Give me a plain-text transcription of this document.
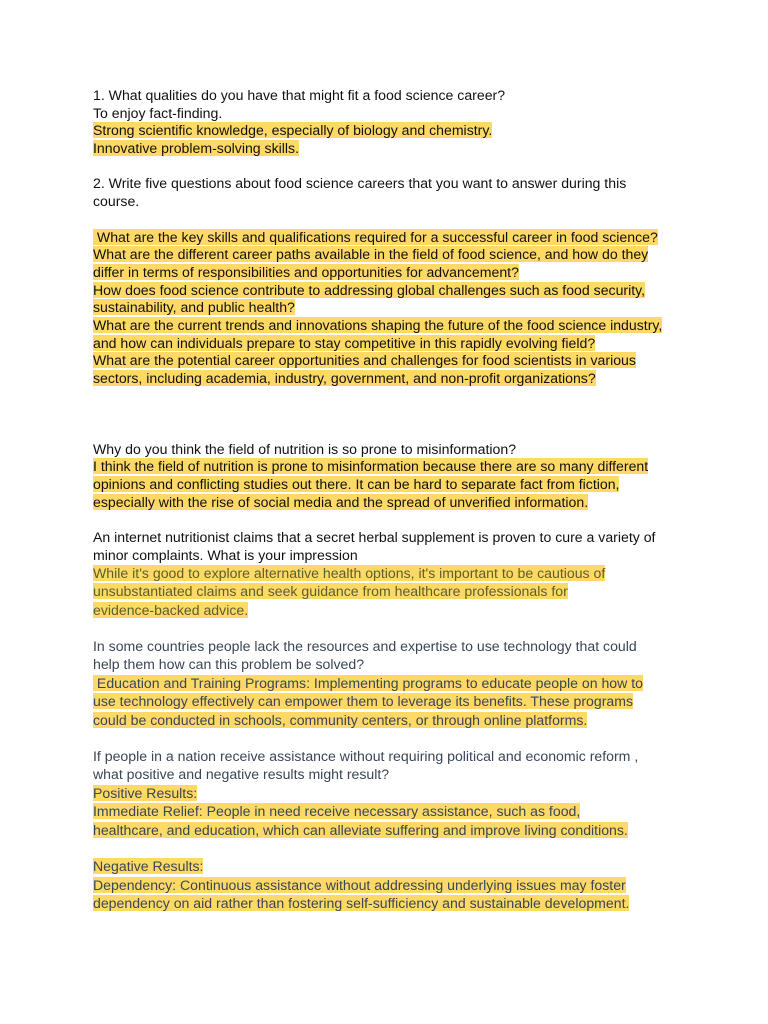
1. What qualities do you have that might fit a food science career?
To enjoy fact-finding.
Strong scientific knowledge, especially of biology and chemistry.
Innovative problem-solving skills.
2. Write five questions about food science careers that you want to answer during this
course.
What are the key skills and qualifications required for a successful career in food science?
What are the different career paths available in the field of food science, and how do they
differ in terms of responsibilities and opportunities for advancement?
How does food science contribute to addressing global challenges such as food security,
sustainability, and public health?
What are the current trends and innovations shaping the future of the food science industry,
and how can individuals prepare to stay competitive in this rapidly evolving field?
What are the potential career opportunities and challenges for food scientists in various
sectors, including academia, industry, government, and non-profit organizations?
Why do you think the field of nutrition is so prone to misinformation?
I think the field of nutrition is prone to misinformation because there are so many different
opinions and conflicting studies out there. It can be hard to separate fact from fiction,
especially with the rise of social media and the spread of unverified information.
An internet nutritionist claims that a secret herbal supplement is proven to cure a variety of
minor complaints. What is your impression
While it's good to explore alternative health options, it's important to be cautious of
unsubstantiated claims and seek guidance from healthcare professionals for
evidence-backed advice.
In some countries people lack the resources and expertise to use technology that could
help them how can this problem be solved?
Education and Training Programs: Implementing programs to educate people on how to
use technology effectively can empower them to leverage its benefits. These programs
could be conducted in schools, community centers, or through online platforms.
If people in a nation receive assistance without requiring political and economic reform ,
what positive and negative results might result?
Positive Results:
Immediate Relief: People in need receive necessary assistance, such as food,
healthcare, and education, which can alleviate suffering and improve living conditions.
Negative Results:
Dependency: Continuous assistance without addressing underlying issues may foster
dependency on aid rather than fostering self-sufficiency and sustainable development.
